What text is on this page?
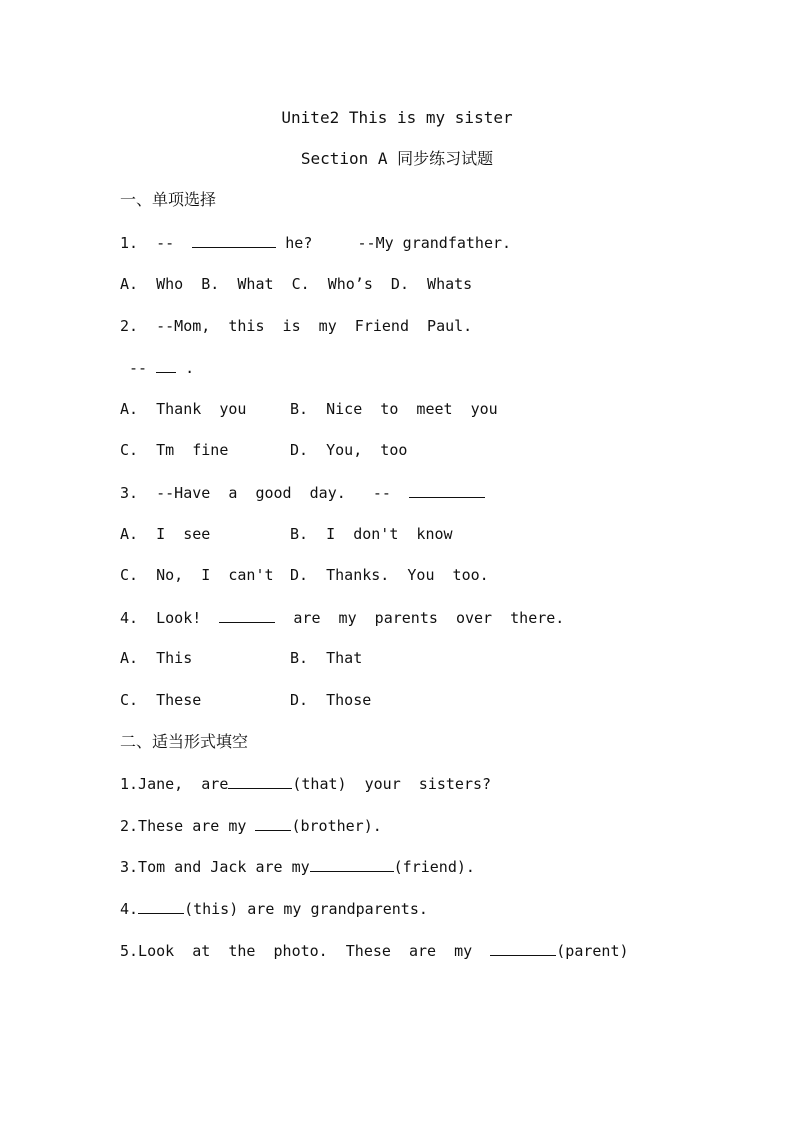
Unite2 This is my sister
Section A 同步练习试题
一、单项选择
1.  --	he?     --My grandfather.
A.  Who  B.  What  C.  Who’s  D.  Whats
2.  --Mom,  this  is  my  Friend  Paul.
--  .
A.  Thank  you	B.  Nice  to  meet  you
C.  Tm  fine	D.  You,  too
3.  --Have  a  good  day.   --
A.  I  see	B.  I  don't  know
C.  No,  I  can't D.  Thanks.  You  too.
4.  Look!	are  my  parents  over  there.
A.  This	B.  That
C.  These	D.  Those
二、适当形式填空
1.Jane,  are	(that)  your  sisters?
2.These are my (brother).
3.Tom and Jack are my	(friend).
4.	(this) are my grandparents.
5.Look  at  the  photo.  These  are  my	(parent)
